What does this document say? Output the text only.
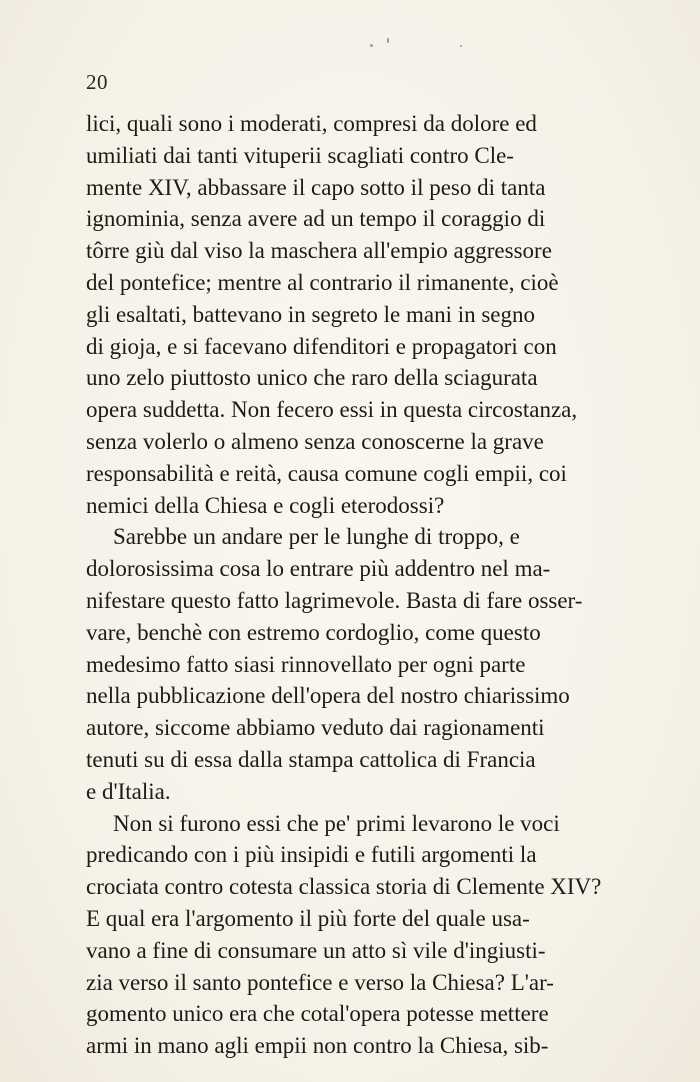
20
lici, quali sono i moderati, compresi da dolore ed
umiliati dai tanti vituperii scagliati contro Cle-
mente XIV, abbassare il capo sotto il peso di tanta
ignominia, senza avere ad un tempo il coraggio di
tôrre giù dal viso la maschera all'empio aggressore
del pontefice; mentre al contrario il rimanente, cioè
gli esaltati, battevano in segreto le mani in segno
di gioja, e si facevano difenditori e propagatori con
uno zelo piuttosto unico che raro della sciagurata
opera suddetta. Non fecero essi in questa circostanza,
senza volerlo o almeno senza conoscerne la grave
responsabilità e reità, causa comune cogli empii, coi
nemici della Chiesa e cogli eterodossi?
Sarebbe un andare per le lunghe di troppo, e
dolorosissima cosa lo entrare più addentro nel ma-
nifestare questo fatto lagrimevole. Basta di fare osser-
vare, benchè con estremo cordoglio, come questo
medesimo fatto siasi rinnovellato per ogni parte
nella pubblicazione dell'opera del nostro chiarissimo
autore, siccome abbiamo veduto dai ragionamenti
tenuti su di essa dalla stampa cattolica di Francia
e d'Italia.
Non si furono essi che pe' primi levarono le voci
predicando con i più insipidi e futili argomenti la
crociata contro cotesta classica storia di Clemente XIV?
E qual era l'argomento il più forte del quale usa-
vano a fine di consumare un atto sì vile d'ingiusti-
zia verso il santo pontefice e verso la Chiesa? L'ar-
gomento unico era che cotal'opera potesse mettere
armi in mano agli empii non contro la Chiesa, sib-
